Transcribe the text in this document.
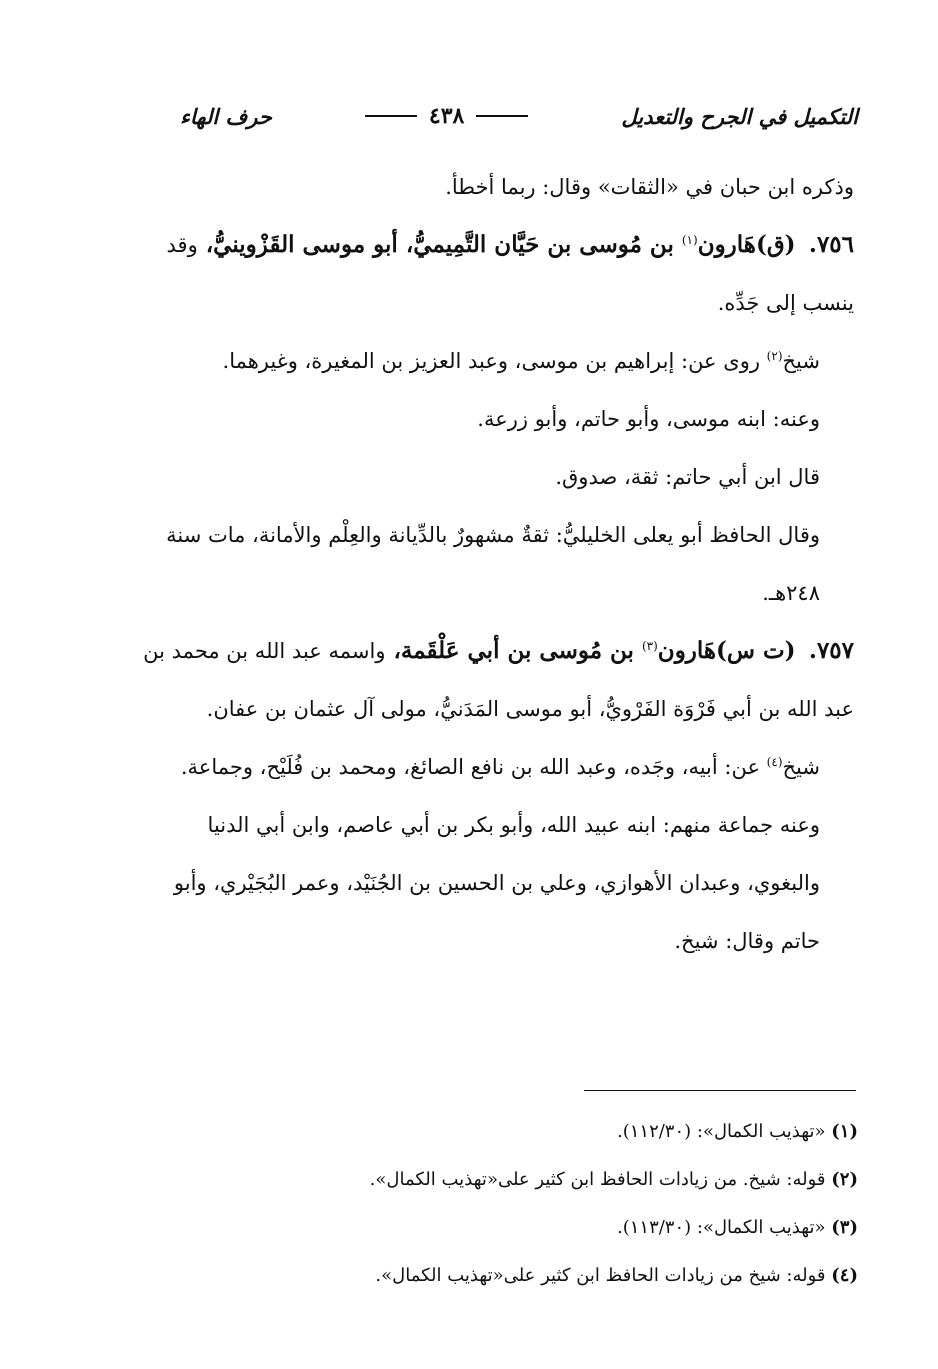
التكميل في الجرح والتعديل
٤٣٨
حرف الهاء

وذكره ابن حبان في «الثقات» وقال: ربما أخطأ.

٧٥٦.  (ق)هَارون$^{(١)}$ بن مُوسى بن حَيَّان التَّمِيميُّ، أبو موسى القَزْوينيُّ، وقد ينسب إلى جَدِّه.

شيخ$^{(٢)}$ روى عن: إبراهيم بن موسى، وعبد العزيز بن المغيرة، وغيرهما.

وعنه: ابنه موسى، وأبو حاتم، وأبو زرعة.

قال ابن أبي حاتم: ثقة، صدوق.

وقال الحافظ أبو يعلى الخليليُّ: ثقةٌ مشهورٌ بالدِّيانة والعِلْم والأمانة، مات سنة ٢٤٨هـ.

٧٥٧.  (ت س)هَارون$^{(٣)}$ بن مُوسى بن أبي عَلْقَمة، واسمه عبد الله بن محمد بن عبد الله بن أبي فَرْوَة الفَرْويُّ، أبو موسى المَدَنيُّ، مولى آل عثمان بن عفان.

شيخ$^{(٤)}$ عن: أبيه، وجَده، وعبد الله بن نافع الصائغ، ومحمد بن فُلَيْح، وجماعة.

وعنه جماعة منهم: ابنه عبيد الله، وأبو بكر بن أبي عاصم، وابن أبي الدنيا والبغوي، وعبدان الأهوازي، وعلي بن الحسين بن الجُنَيْد، وعمر البُجَيْري، وأبو حاتم وقال: شيخ.

(١) «تهذيب الكمال»: (١١٢/٣٠).

(٢) قوله: شيخ. من زيادات الحافظ ابن كثير على«تهذيب الكمال».

(٣) «تهذيب الكمال»: (١١٣/٣٠).

(٤) قوله: شيخ من زيادات الحافظ ابن كثير على«تهذيب الكمال».
